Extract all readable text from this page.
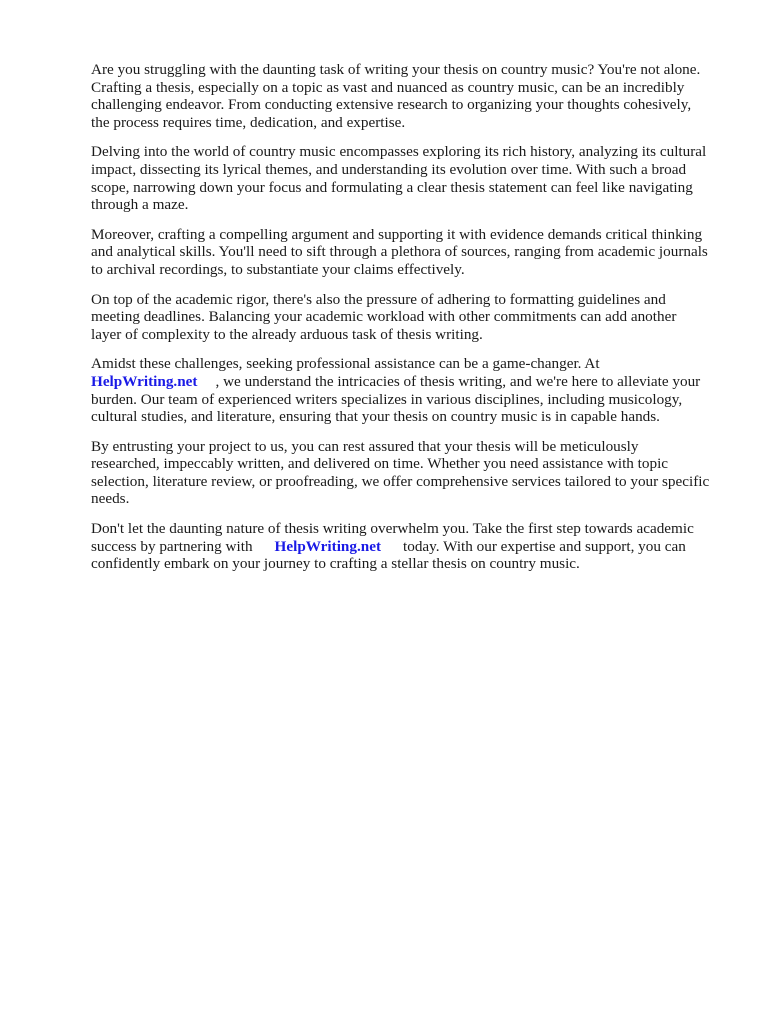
Are you struggling with the daunting task of writing your thesis on country music? You're not alone.
Crafting a thesis, especially on a topic as vast and nuanced as country music, can be an incredibly
challenging endeavor. From conducting extensive research to organizing your thoughts cohesively,
the process requires time, dedication, and expertise.
Delving into the world of country music encompasses exploring its rich history, analyzing its cultural
impact, dissecting its lyrical themes, and understanding its evolution over time. With such a broad
scope, narrowing down your focus and formulating a clear thesis statement can feel like navigating
through a maze.
Moreover, crafting a compelling argument and supporting it with evidence demands critical thinking
and analytical skills. You'll need to sift through a plethora of sources, ranging from academic journals
to archival recordings, to substantiate your claims effectively.
On top of the academic rigor, there's also the pressure of adhering to formatting guidelines and
meeting deadlines. Balancing your academic workload with other commitments can add another
layer of complexity to the already arduous task of thesis writing.
Amidst these challenges, seeking professional assistance can be a game-changer. At
HelpWriting.net , we understand the intricacies of thesis writing, and we're here to alleviate your
burden. Our team of experienced writers specializes in various disciplines, including musicology,
cultural studies, and literature, ensuring that your thesis on country music is in capable hands.
By entrusting your project to us, you can rest assured that your thesis will be meticulously
researched, impeccably written, and delivered on time. Whether you need assistance with topic
selection, literature review, or proofreading, we offer comprehensive services tailored to your specific
needs.
Don't let the daunting nature of thesis writing overwhelm you. Take the first step towards academic
success by partnering with HelpWriting.net today. With our expertise and support, you can
confidently embark on your journey to crafting a stellar thesis on country music.
